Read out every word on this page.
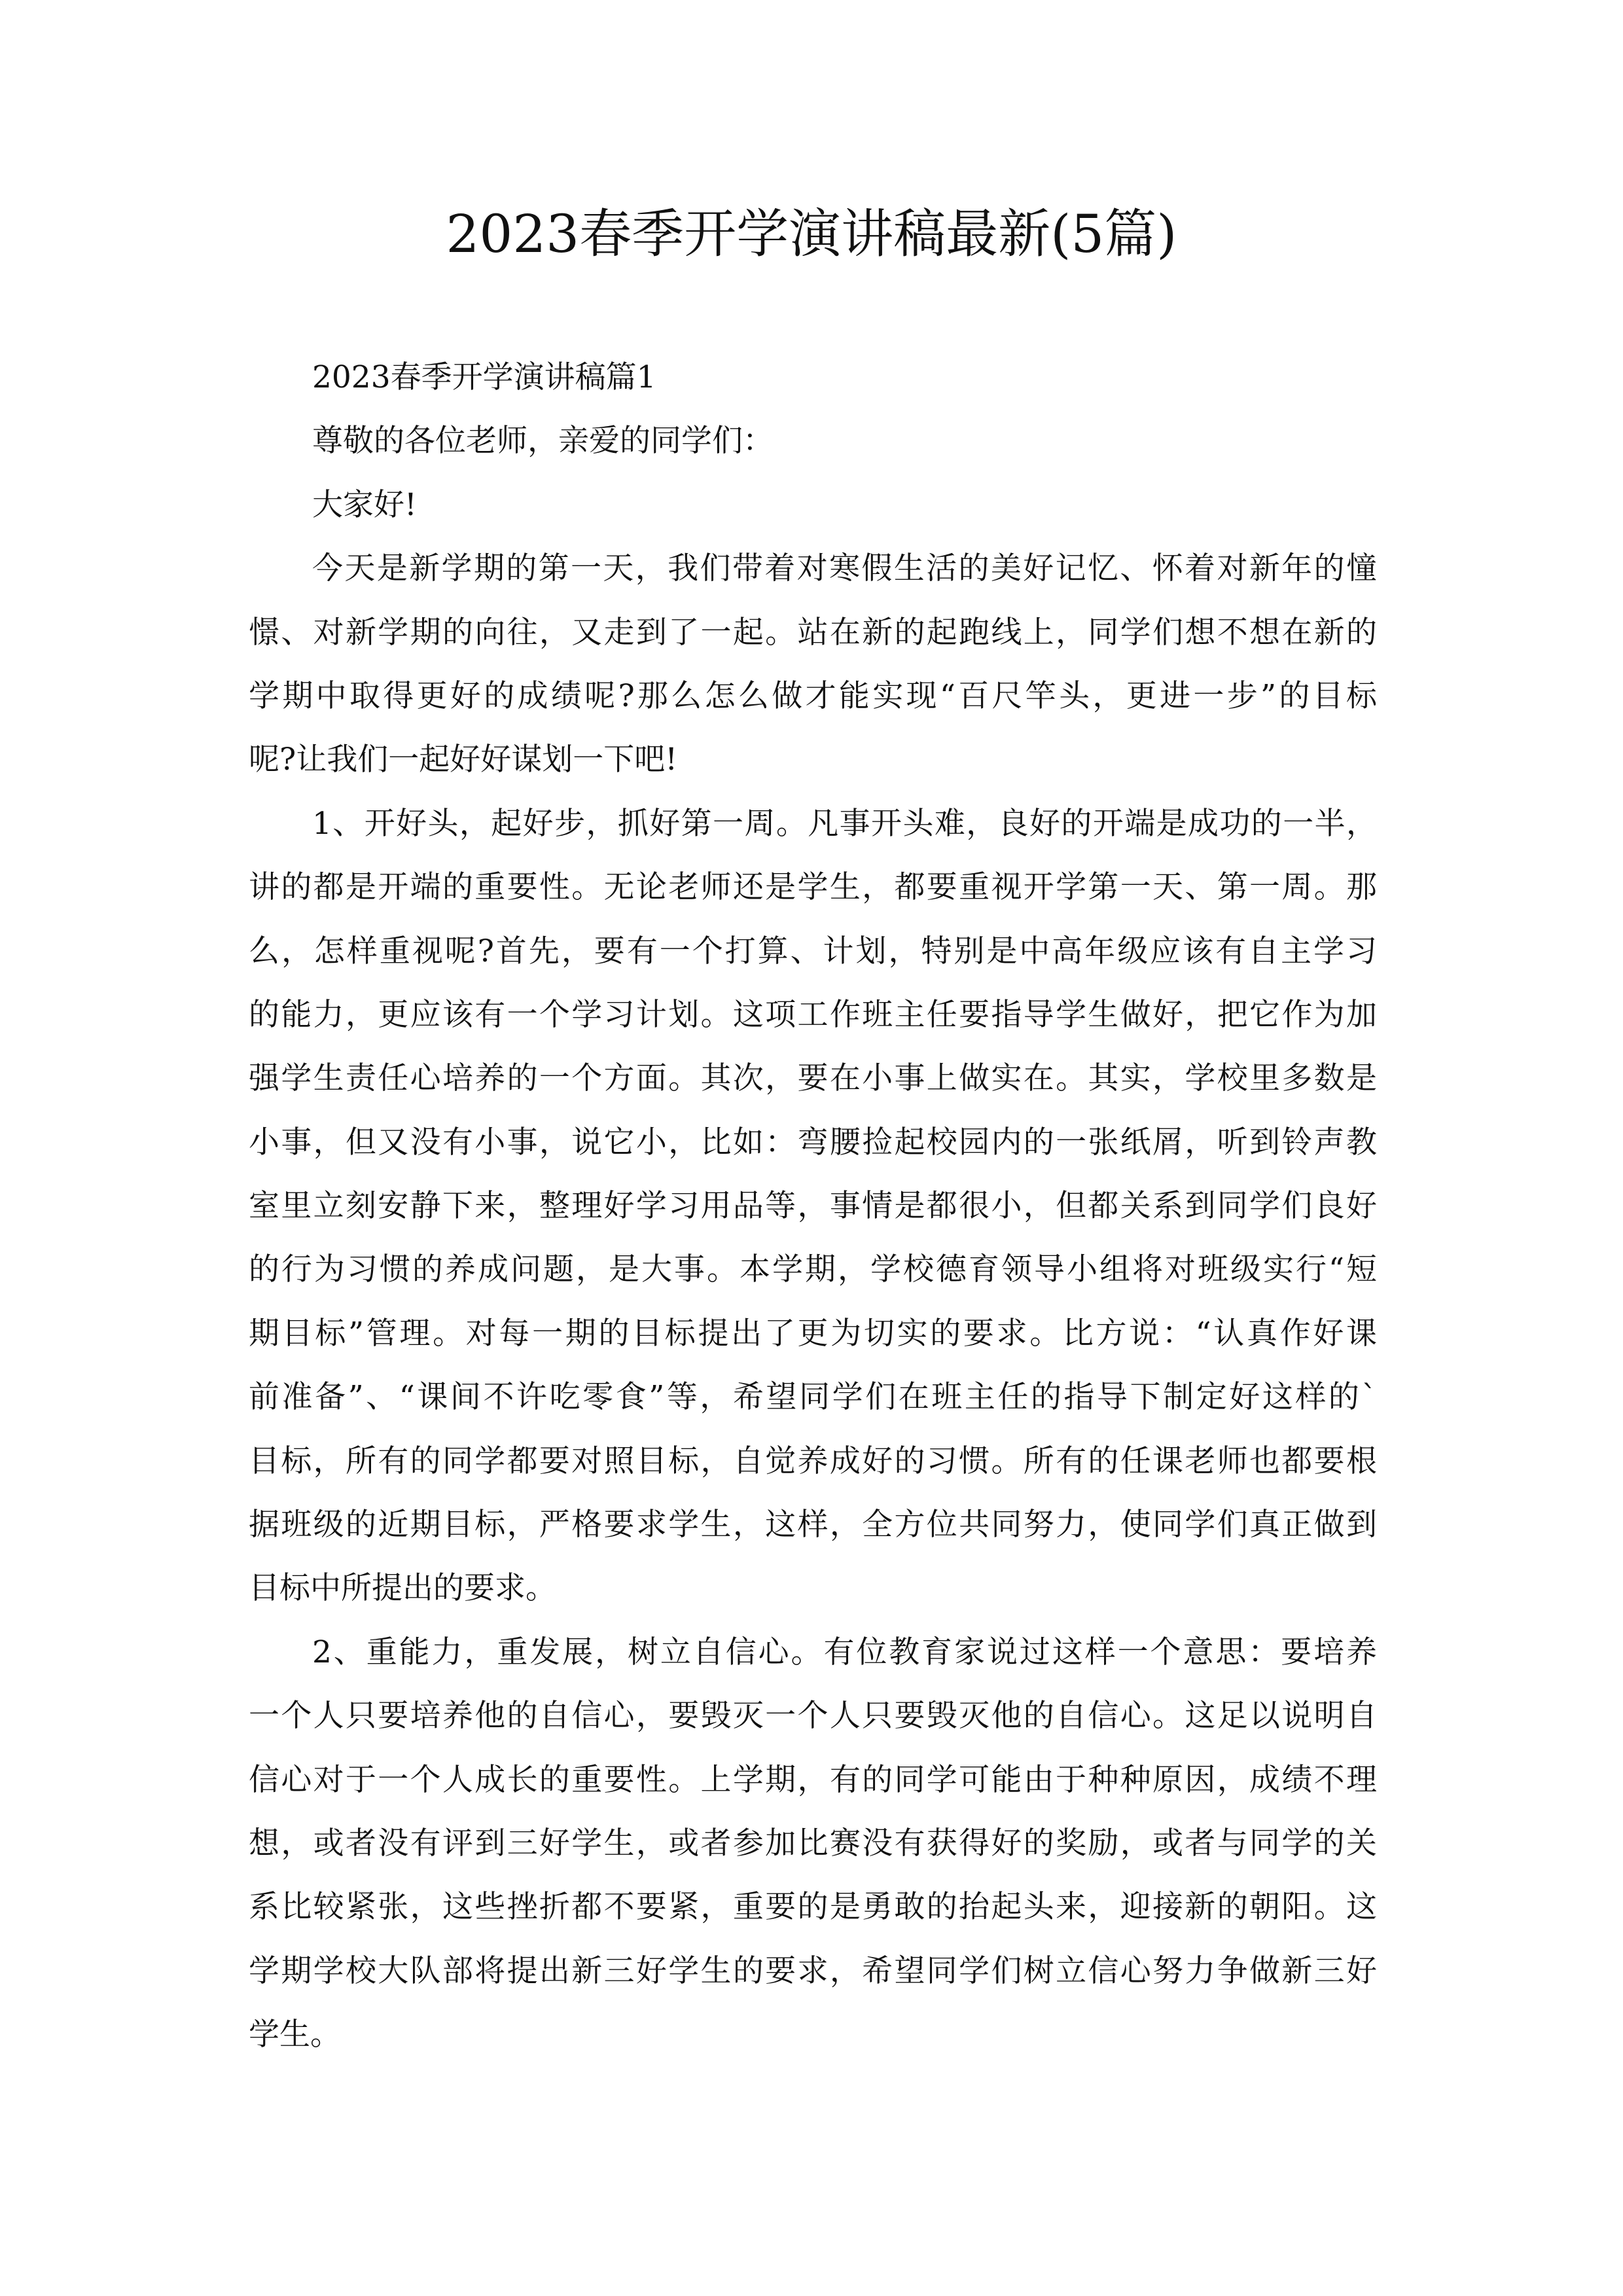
2023春季开学演讲稿最新(5篇)
2023春季开学演讲稿篇1
尊敬的各位老师，亲爱的同学们：
大家好!
今天是新学期的第一天，我们带着对寒假生活的美好记忆、怀着对新年的憧
憬、对新学期的向往，又走到了一起。站在新的起跑线上，同学们想不想在新的
学期中取得更好的成绩呢?那么怎么做才能实现“百尺竿头，更进一步”的目标
呢?让我们一起好好谋划一下吧!
1、开好头，起好步，抓好第一周。凡事开头难，良好的开端是成功的一半，
讲的都是开端的重要性。无论老师还是学生，都要重视开学第一天、第一周。那
么，怎样重视呢?首先，要有一个打算、计划，特别是中高年级应该有自主学习
的能力，更应该有一个学习计划。这项工作班主任要指导学生做好，把它作为加
强学生责任心培养的一个方面。其次，要在小事上做实在。其实，学校里多数是
小事，但又没有小事，说它小，比如：弯腰捡起校园内的一张纸屑，听到铃声教
室里立刻安静下来，整理好学习用品等，事情是都很小，但都关系到同学们良好
的行为习惯的养成问题，是大事。本学期，学校德育领导小组将对班级实行“短
期目标”管理。对每一期的目标提出了更为切实的要求。比方说：“认真作好课
前准备”、“课间不许吃零食”等，希望同学们在班主任的指导下制定好这样的`
目标，所有的同学都要对照目标，自觉养成好的习惯。所有的任课老师也都要根
据班级的近期目标，严格要求学生，这样，全方位共同努力，使同学们真正做到
目标中所提出的要求。
2、重能力，重发展，树立自信心。有位教育家说过这样一个意思：要培养
一个人只要培养他的自信心，要毁灭一个人只要毁灭他的自信心。这足以说明自
信心对于一个人成长的重要性。上学期，有的同学可能由于种种原因，成绩不理
想，或者没有评到三好学生，或者参加比赛没有获得好的奖励，或者与同学的关
系比较紧张，这些挫折都不要紧，重要的是勇敢的抬起头来，迎接新的朝阳。这
学期学校大队部将提出新三好学生的要求，希望同学们树立信心努力争做新三好
学生。
